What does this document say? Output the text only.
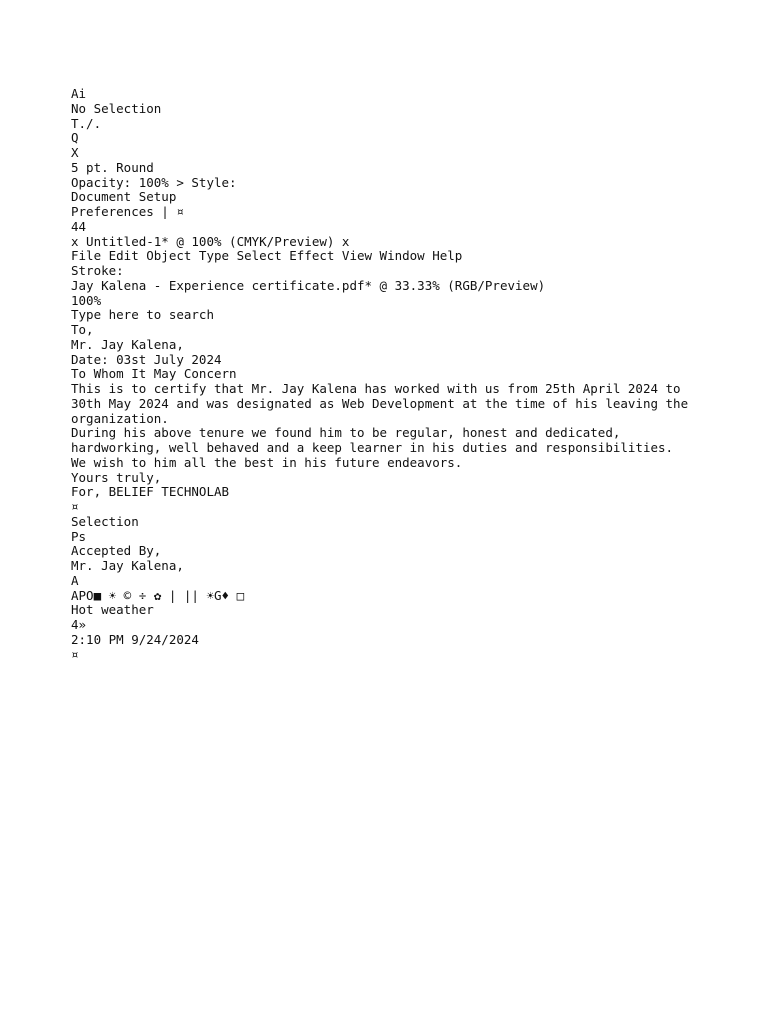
Ai
No Selection
T./.
Q
X
5 pt. Round
Opacity: 100% > Style:
Document Setup
Preferences | ¤
44
x Untitled-1* @ 100% (CMYK/Preview) x
File Edit Object Type Select Effect View Window Help
Stroke:
Jay Kalena - Experience certificate.pdf* @ 33.33% (RGB/Preview)
100%
Type here to search
To,
Mr. Jay Kalena,
Date: 03st July 2024
To Whom It May Concern
This is to certify that Mr. Jay Kalena has worked with us from 25th April 2024 to
30th May 2024 and was designated as Web Development at the time of his leaving the
organization.
During his above tenure we found him to be regular, honest and dedicated,
hardworking, well behaved and a keep learner in his duties and responsibilities.
We wish to him all the best in his future endeavors.
Yours truly,
For, BELIEF TECHNOLAB
¤
Selection
Ps
Accepted By,
Mr. Jay Kalena,
A
APO■ ☀ © ÷ ✿ | || ☀G♦ □
Hot weather
4»
2:10 PM 9/24/2024
¤
